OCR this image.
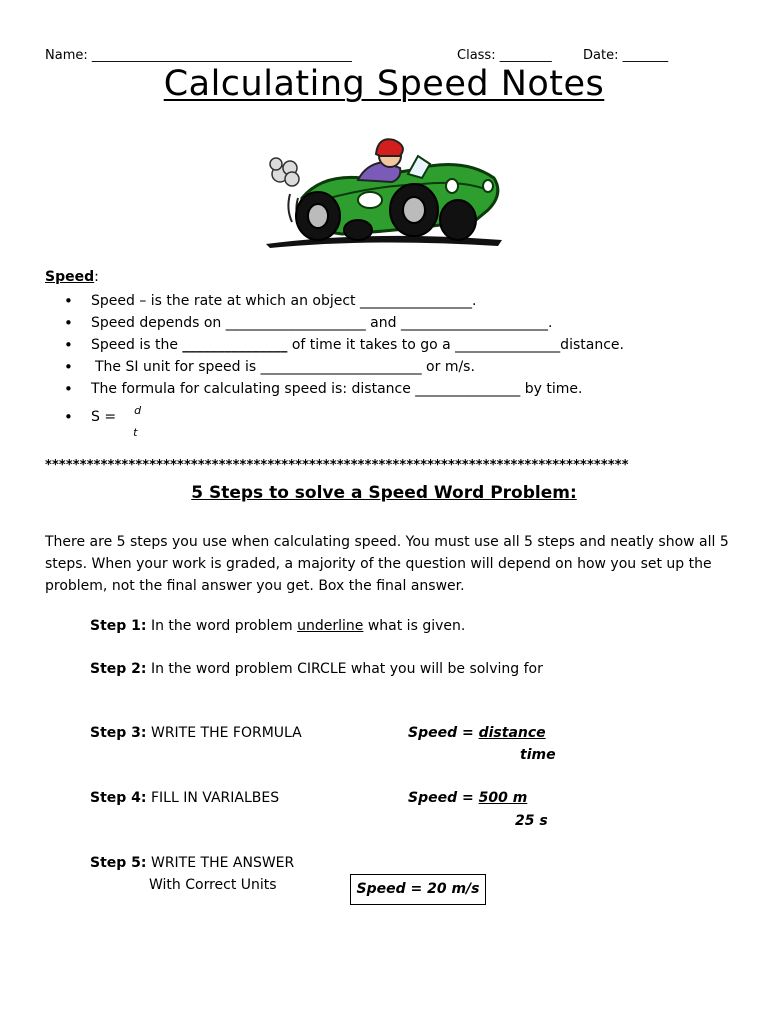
Name: ________________________________________	Class: ________ Date: _______
Calculating Speed Notes
Speed:
• Speed – is the rate at which an object ________________.
• Speed depends on ____________________ and _____________________.
• Speed is the _______________ of time it takes to go a _______________distance.
• The SI unit for speed is _______________________ or m/s.
• The formula for calculating speed is: distance _______________ by time.
• S = d
t
************************************************************************************
5 Steps to solve a Speed Word Problem:
There are 5 steps you use when calculating speed. You must use all 5 steps and neatly show all 5 steps. When your work is graded, a majority of the question will depend on how you set up the problem, not the final answer you get. Box the final answer.
Step 1: In the word problem underline what is given.
Step 2: In the word problem CIRCLE what you will be solving for
Step 3: WRITE THE FORMULA	Speed = distance
time
Step 4: FILL IN VARIALBES	Speed = 500 m
25 s
Step 5: WRITE THE ANSWER
With Correct Units	Speed = 20 m/s
